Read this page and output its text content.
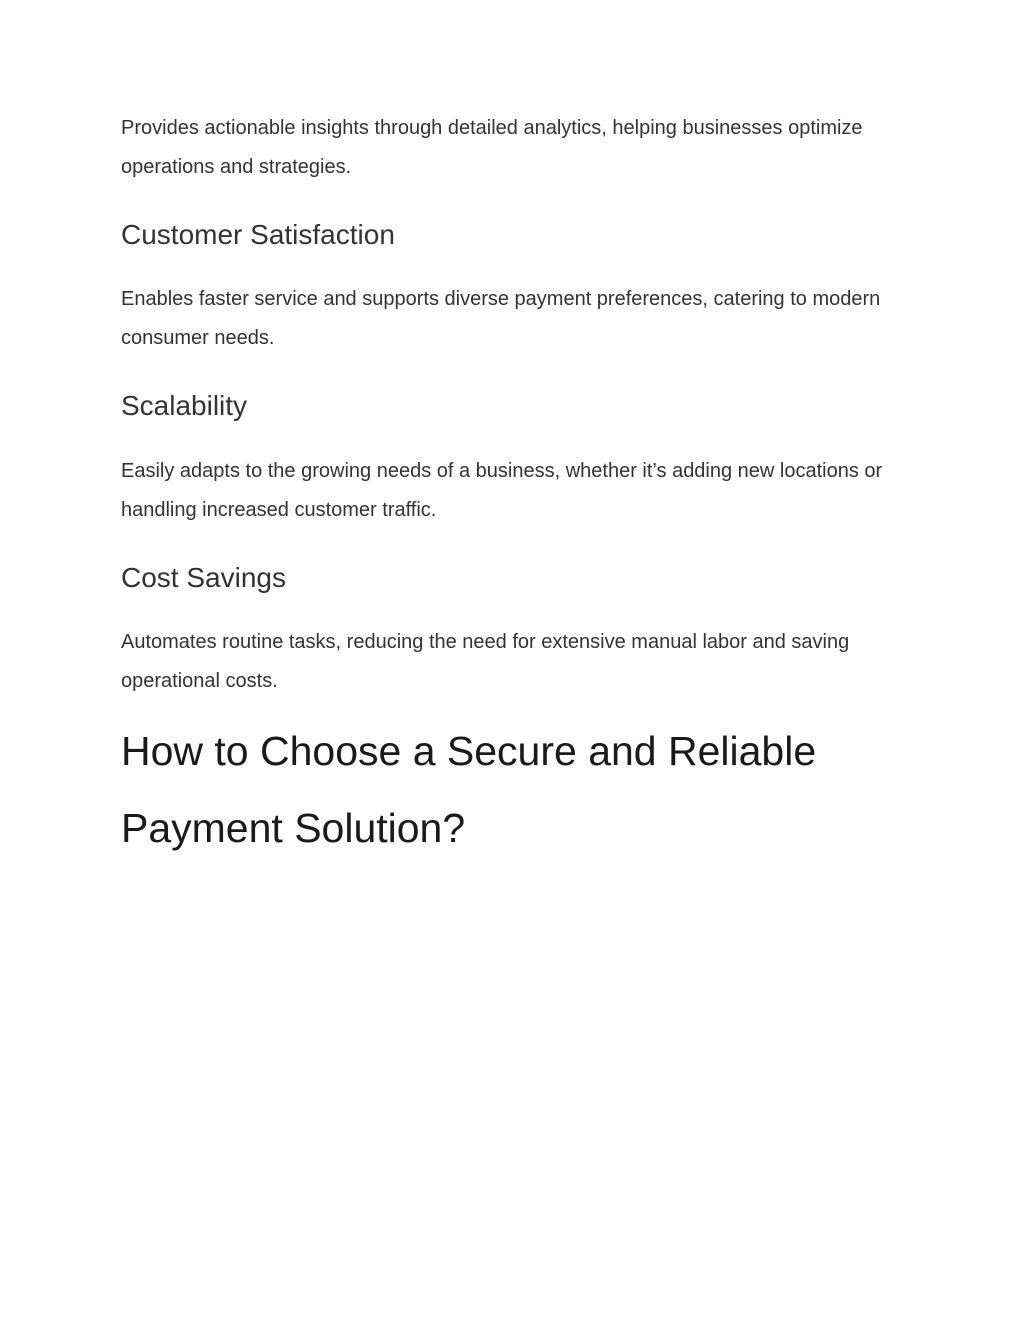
Provides actionable insights through detailed analytics, helping businesses optimize operations and strategies.

Customer Satisfaction

Enables faster service and supports diverse payment preferences, catering to modern consumer needs.

Scalability

Easily adapts to the growing needs of a business, whether it’s adding new locations or handling increased customer traffic.

Cost Savings

Automates routine tasks, reducing the need for extensive manual labor and saving operational costs.

How to Choose a Secure and Reliable Payment Solution?
